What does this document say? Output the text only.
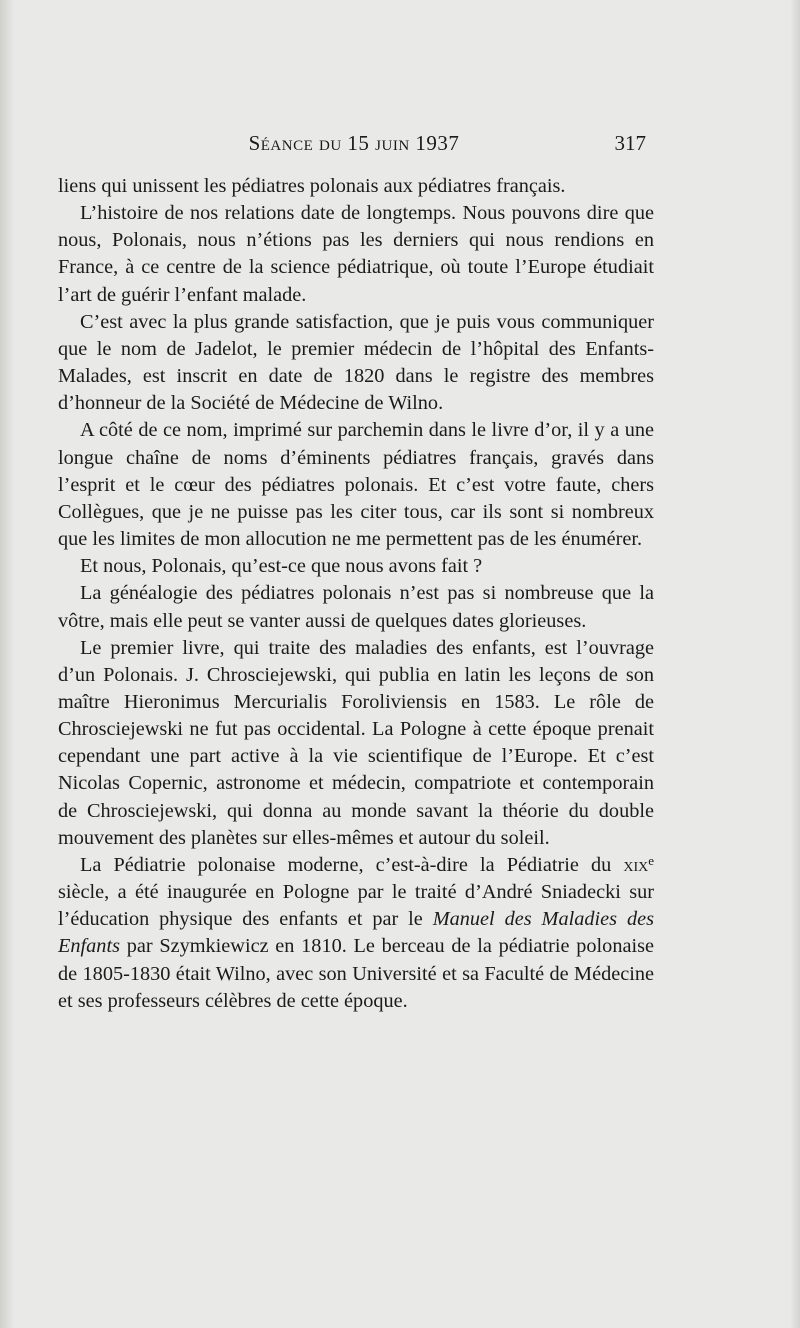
Séance du 15 juin 1937	317

liens qui unissent les pédiatres polonais aux pédiatres français.

L’histoire de nos relations date de longtemps. Nous pouvons dire que nous, Polonais, nous n’étions pas les derniers qui nous rendions en France, à ce centre de la science pédiatrique, où toute l’Europe étudiait l’art de guérir l’enfant malade.

C’est avec la plus grande satisfaction, que je puis vous communiquer que le nom de Jadelot, le premier médecin de l’hôpital des Enfants-Malades, est inscrit en date de 1820 dans le registre des membres d’honneur de la Société de Médecine de Wilno.

A côté de ce nom, imprimé sur parchemin dans le livre d’or, il y a une longue chaîne de noms d’éminents pédiatres français, gravés dans l’esprit et le cœur des pédiatres polonais. Et c’est votre faute, chers Collègues, que je ne puisse pas les citer tous, car ils sont si nombreux que les limites de mon allocution ne me permettent pas de les énumérer.

Et nous, Polonais, qu’est-ce que nous avons fait ?

La généalogie des pédiatres polonais n’est pas si nombreuse que la vôtre, mais elle peut se vanter aussi de quelques dates glorieuses.

Le premier livre, qui traite des maladies des enfants, est l’ouvrage d’un Polonais. J. Chrosciejewski, qui publia en latin les leçons de son maître Hieronimus Mercurialis Foroliviensis en 1583. Le rôle de Chrosciejewski ne fut pas occidental. La Pologne à cette époque prenait cependant une part active à la vie scientifique de l’Europe. Et c’est Nicolas Copernic, astronome et médecin, compatriote et contemporain de Chrosciejewski, qui donna au monde savant la théorie du double mouvement des planètes sur elles-mêmes et autour du soleil.

La Pédiatrie polonaise moderne, c’est-à-dire la Pédiatrie du xix$^e$ siècle, a été inaugurée en Pologne par le traité d’André Sniadecki sur l’éducation physique des enfants et par le Manuel des Maladies des Enfants par Szymkiewicz en 1810. Le berceau de la pédiatrie polonaise de 1805-1830 était Wilno, avec son Université et sa Faculté de Médecine et ses professeurs célèbres de cette époque.
